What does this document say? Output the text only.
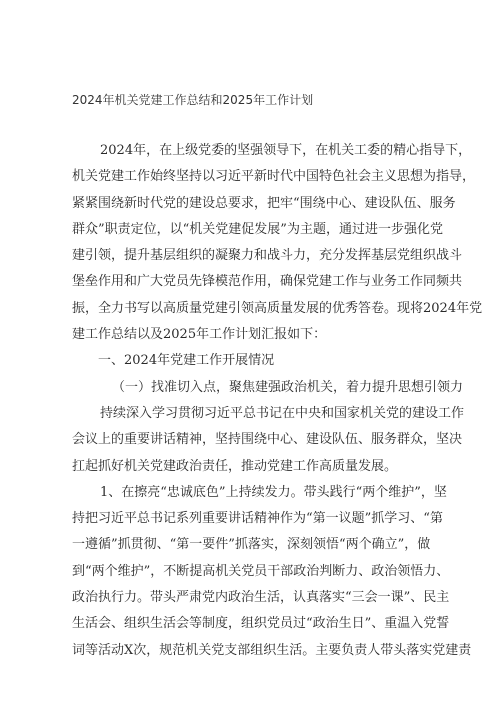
2024年机关党建工作总结和2025年工作计划
2024年，在上级党委的坚强领导下，在机关工委的精心指导下，
机关党建工作始终坚持以习近平新时代中国特色社会主义思想为指导，
紧紧围绕新时代党的建设总要求，把牢“围绕中心、建设队伍、服务
群众”职责定位，以“机关党建促发展”为主题，通过进一步强化党
建引领，提升基层组织的凝聚力和战斗力，充分发挥基层党组织战斗
堡垒作用和广大党员先锋模范作用，确保党建工作与业务工作同频共
振，全力书写以高质量党建引领高质量发展的优秀答卷。现将2024年党
建工作总结以及2025年工作计划汇报如下：
一、2024年党建工作开展情况
（一）找准切入点，聚焦建强政治机关，着力提升思想引领力
持续深入学习贯彻习近平总书记在中央和国家机关党的建设工作
会议上的重要讲话精神，坚持围绕中心、建设队伍、服务群众，坚决
扛起抓好机关党建政治责任，推动党建工作高质量发展。
1、在擦亮“忠诚底色”上持续发力。带头践行“两个维护”，坚
持把习近平总书记系列重要讲话精神作为“第一议题”抓学习、“第
一遵循”抓贯彻、“第一要件”抓落实，深刻领悟“两个确立”，做
到“两个维护”，不断提高机关党员干部政治判断力、政治领悟力、
政治执行力。带头严肃党内政治生活，认真落实“三会一课”、民主
生活会、组织生活会等制度，组织党员过“政治生日”、重温入党誓
词等活动X次，规范机关党支部组织生活。主要负责人带头落实党建责
